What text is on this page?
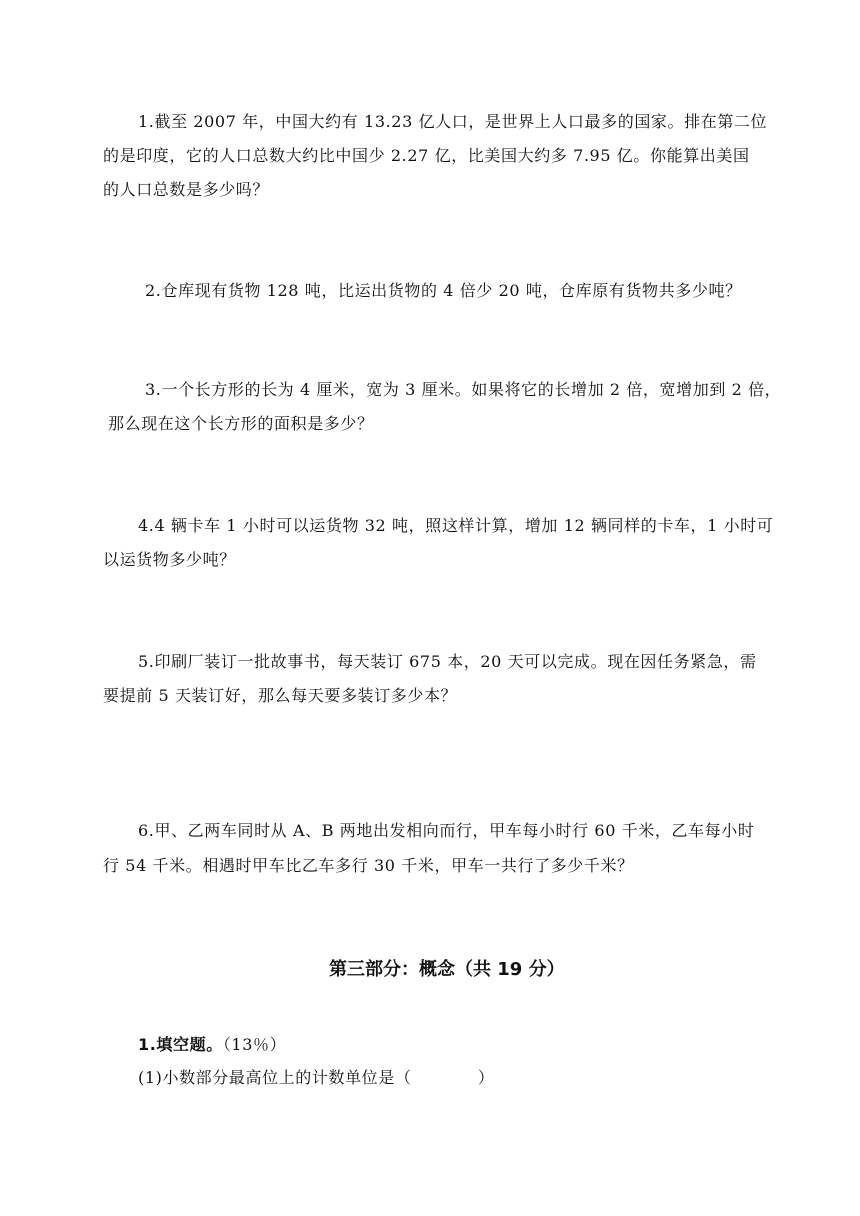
1.截至 2007 年，中国大约有 13.23 亿人口，是世界上人口最多的国家。排在第二位
的是印度，它的人口总数大约比中国少 2.27 亿，比美国大约多 7.95 亿。你能算出美国
的人口总数是多少吗？
2.仓库现有货物 128 吨，比运出货物的 4 倍少 20 吨，仓库原有货物共多少吨？
3.一个长方形的长为 4 厘米，宽为 3 厘米。如果将它的长增加 2 倍，宽增加到 2 倍，
那么现在这个长方形的面积是多少？
4.4 辆卡车 1 小时可以运货物 32 吨，照这样计算，增加 12 辆同样的卡车，1 小时可
以运货物多少吨？
5.印刷厂装订一批故事书，每天装订 675 本，20 天可以完成。现在因任务紧急，需
要提前 5 天装订好，那么每天要多装订多少本？
6.甲、乙两车同时从 A、B 两地出发相向而行，甲车每小时行 60 千米，乙车每小时
行 54 千米。相遇时甲车比乙车多行 30 千米，甲车一共行了多少千米？
第三部分：概念（共 19 分）
1.填空题。（13％）
(1)小数部分最高位上的计数单位是（　　　　）
